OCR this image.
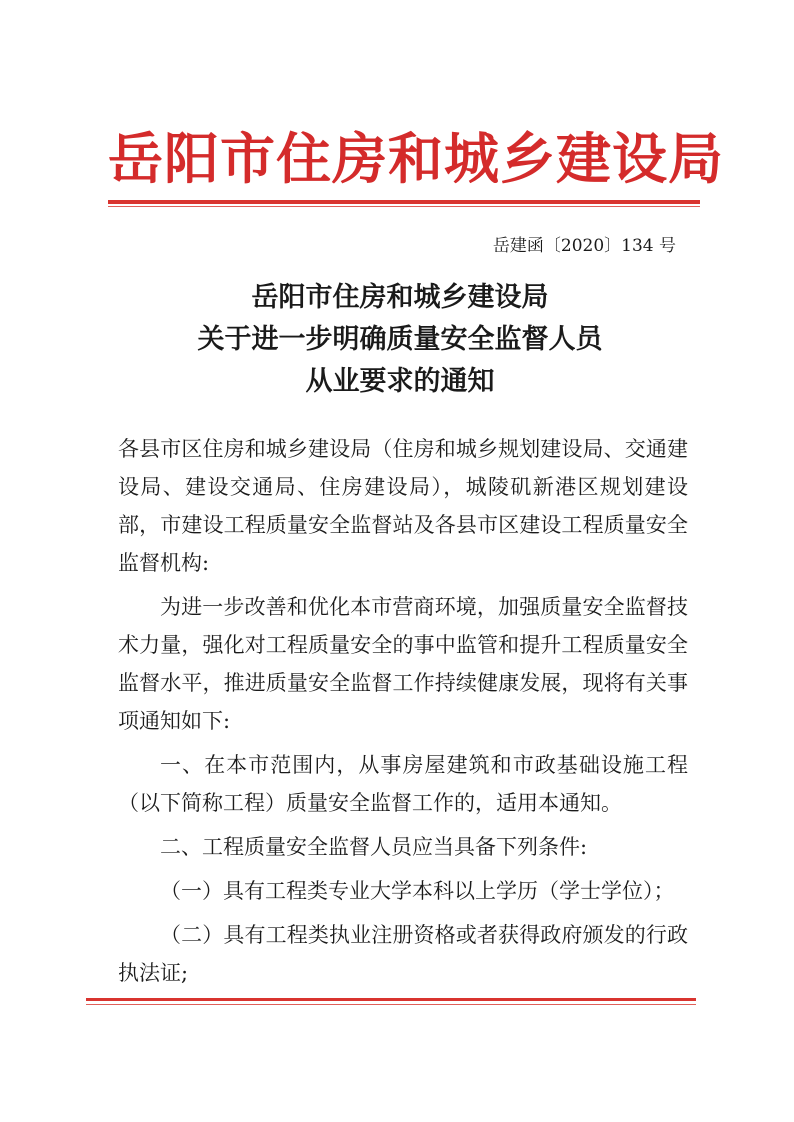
岳阳市住房和城乡建设局
岳建函〔2020〕134 号
岳阳市住房和城乡建设局
关于进一步明确质量安全监督人员
从业要求的通知

各县市区住房和城乡建设局（住房和城乡规划建设局、交通建设局、建设交通局、住房建设局），城陵矶新港区规划建设部，市建设工程质量安全监督站及各县市区建设工程质量安全监督机构:

为进一步改善和优化本市营商环境，加强质量安全监督技术力量，强化对工程质量安全的事中监管和提升工程质量安全监督水平，推进质量安全监督工作持续健康发展，现将有关事项通知如下:

一、在本市范围内，从事房屋建筑和市政基础设施工程（以下简称工程）质量安全监督工作的，适用本通知。

二、工程质量安全监督人员应当具备下列条件:

（一）具有工程类专业大学本科以上学历（学士学位）；

（二）具有工程类执业注册资格或者获得政府颁发的行政执法证;
